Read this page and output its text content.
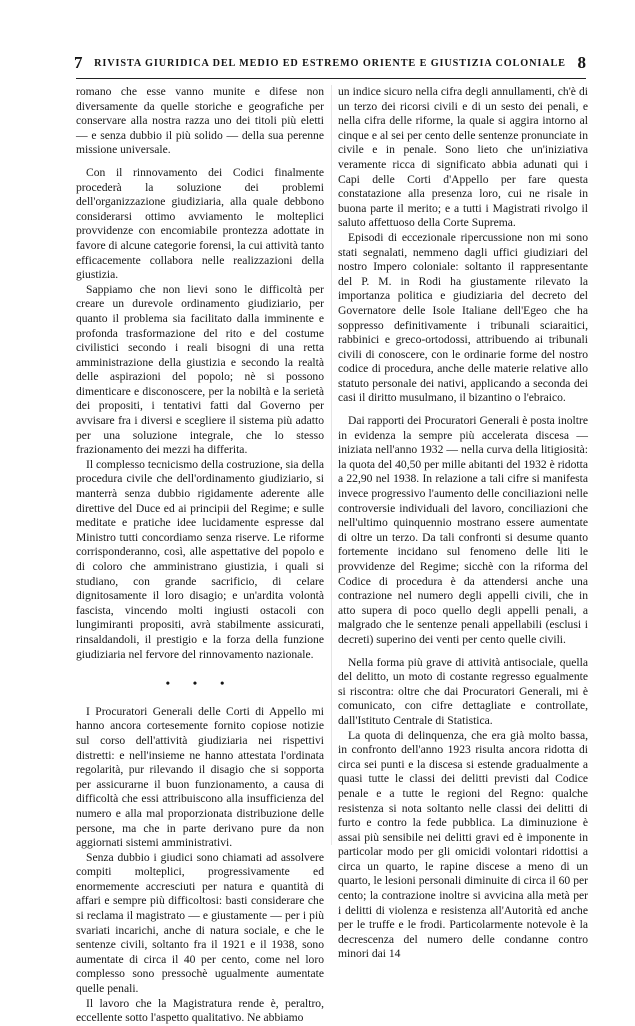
7 RIVISTA GIURIDICA DEL MEDIO ED ESTREMO ORIENTE E GIUSTIZIA COLONIALE 8

romano che esse vanno munite e difese non diversamente da quelle storiche e geografiche per conservare alla nostra razza uno dei titoli più eletti — e senza dubbio il più solido — della sua perenne missione universale.

Con il rinnovamento dei Codici finalmente procederà la soluzione dei problemi dell'organizzazione giudiziaria, alla quale debbono considerarsi ottimo avviamento le molteplici provvidenze con encomiabile prontezza adottate in favore di alcune categorie forensi, la cui attività tanto efficacemente collabora nelle realizzazioni della giustizia.

Sappiamo che non lievi sono le difficoltà per creare un durevole ordinamento giudiziario, per quanto il problema sia facilitato dalla imminente e profonda trasformazione del rito e del costume civilistici secondo i reali bisogni di una retta amministrazione della giustizia e secondo la realtà delle aspirazioni del popolo; nè si possono dimenticare e disconoscere, per la nobiltà e la serietà dei propositi, i tentativi fatti dal Governo per avvisare fra i diversi e scegliere il sistema più adatto per una soluzione integrale, che lo stesso frazionamento dei mezzi ha differita.

Il complesso tecnicismo della costruzione, sia della procedura civile che dell'ordinamento giudiziario, si manterrà senza dubbio rigidamente aderente alle direttive del Duce ed ai principii del Regime; e sulle meditate e pratiche idee lucidamente espresse dal Ministro tutti concordiamo senza riserve. Le riforme corrisponderanno, così, alle aspettative del popolo e di coloro che amministrano giustizia, i quali si studiano, con grande sacrificio, di celare dignitosamente il loro disagio; e un'ardita volontà fascista, vincendo molti ingiusti ostacoli con lungimiranti propositi, avrà stabilmente assicurati, rinsaldandoli, il prestigio e la forza della funzione giudiziaria nel fervore del rinnovamento nazionale.

• • •

I Procuratori Generali delle Corti di Appello mi hanno ancora cortesemente fornito copiose notizie sul corso dell'attività giudiziaria nei rispettivi distretti: e nell'insieme ne hanno attestata l'ordinata regolarità, pur rilevando il disagio che si sopporta per assicurarne il buon funzionamento, a causa di difficoltà che essi attribuiscono alla insufficienza del numero e alla mal proporzionata distribuzione delle persone, ma che in parte derivano pure da non aggiornati sistemi amministrativi.

Senza dubbio i giudici sono chiamati ad assolvere compiti molteplici, progressivamente ed enormemente accresciuti per natura e quantità di affari e sempre più difficoltosi: basti considerare che si reclama il magistrato — e giustamente — per i più svariati incarichi, anche di natura sociale, e che le sentenze civili, soltanto fra il 1921 e il 1938, sono aumentate di circa il 40 per cento, come nel loro complesso sono pressochè ugualmente aumentate quelle penali.

Il lavoro che la Magistratura rende è, peraltro, eccellente sotto l'aspetto qualitativo. Ne abbiamo

un indice sicuro nella cifra degli annullamenti, ch'è di un terzo dei ricorsi civili e di un sesto dei penali, e nella cifra delle riforme, la quale si aggira intorno al cinque e al sei per cento delle sentenze pronunciate in civile e in penale. Sono lieto che un'iniziativa veramente ricca di significato abbia adunati qui i Capi delle Corti d'Appello per fare questa constatazione alla presenza loro, cui ne risale in buona parte il merito; e a tutti i Magistrati rivolgo il saluto affettuoso della Corte Suprema.

Episodi di eccezionale ripercussione non mi sono stati segnalati, nemmeno dagli uffici giudiziari del nostro Impero coloniale: soltanto il rappresentante del P. M. in Rodi ha giustamente rilevato la importanza politica e giudiziaria del decreto del Governatore delle Isole Italiane dell'Egeo che ha soppresso definitivamente i tribunali sciaraitici, rabbinici e greco-ortodossi, attribuendo ai tribunali civili di conoscere, con le ordinarie forme del nostro codice di procedura, anche delle materie relative allo statuto personale dei nativi, applicando a seconda dei casi il diritto musulmano, il bizantino o l'ebraico.

Dai rapporti dei Procuratori Generali è posta inoltre in evidenza la sempre più accelerata discesa — iniziata nell'anno 1932 — nella curva della litigiosità: la quota del 40,50 per mille abitanti del 1932 è ridotta a 22,90 nel 1938. In relazione a tali cifre si manifesta invece progressivo l'aumento delle conciliazioni nelle controversie individuali del lavoro, conciliazioni che nell'ultimo quinquennio mostrano essere aumentate di oltre un terzo. Da tali confronti si desume quanto fortemente incidano sul fenomeno delle liti le provvidenze del Regime; sicchè con la riforma del Codice di procedura è da attendersi anche una contrazione nel numero degli appelli civili, che in atto supera di poco quello degli appelli penali, a malgrado che le sentenze penali appellabili (esclusi i decreti) superino dei venti per cento quelle civili.

Nella forma più grave di attività antisociale, quella del delitto, un moto di costante regresso egualmente si riscontra: oltre che dai Procuratori Generali, mi è comunicato, con cifre dettagliate e controllate, dall'Istituto Centrale di Statistica.

La quota di delinquenza, che era già molto bassa, in confronto dell'anno 1923 risulta ancora ridotta di circa sei punti e la discesa si estende gradualmente a quasi tutte le classi dei delitti previsti dal Codice penale e a tutte le regioni del Regno: qualche resistenza si nota soltanto nelle classi dei delitti di furto e contro la fede pubblica. La diminuzione è assai più sensibile nei delitti gravi ed è imponente in particolar modo per gli omicidi volontari ridottisi a circa un quarto, le rapine discese a meno di un quarto, le lesioni personali diminuite di circa il 60 per cento; la contrazione inoltre si avvicina alla metà per i delitti di violenza e resistenza all'Autorità ed anche per le truffe e le frodi. Particolarmente notevole è la decrescenza del numero delle condanne contro minori dai 14
